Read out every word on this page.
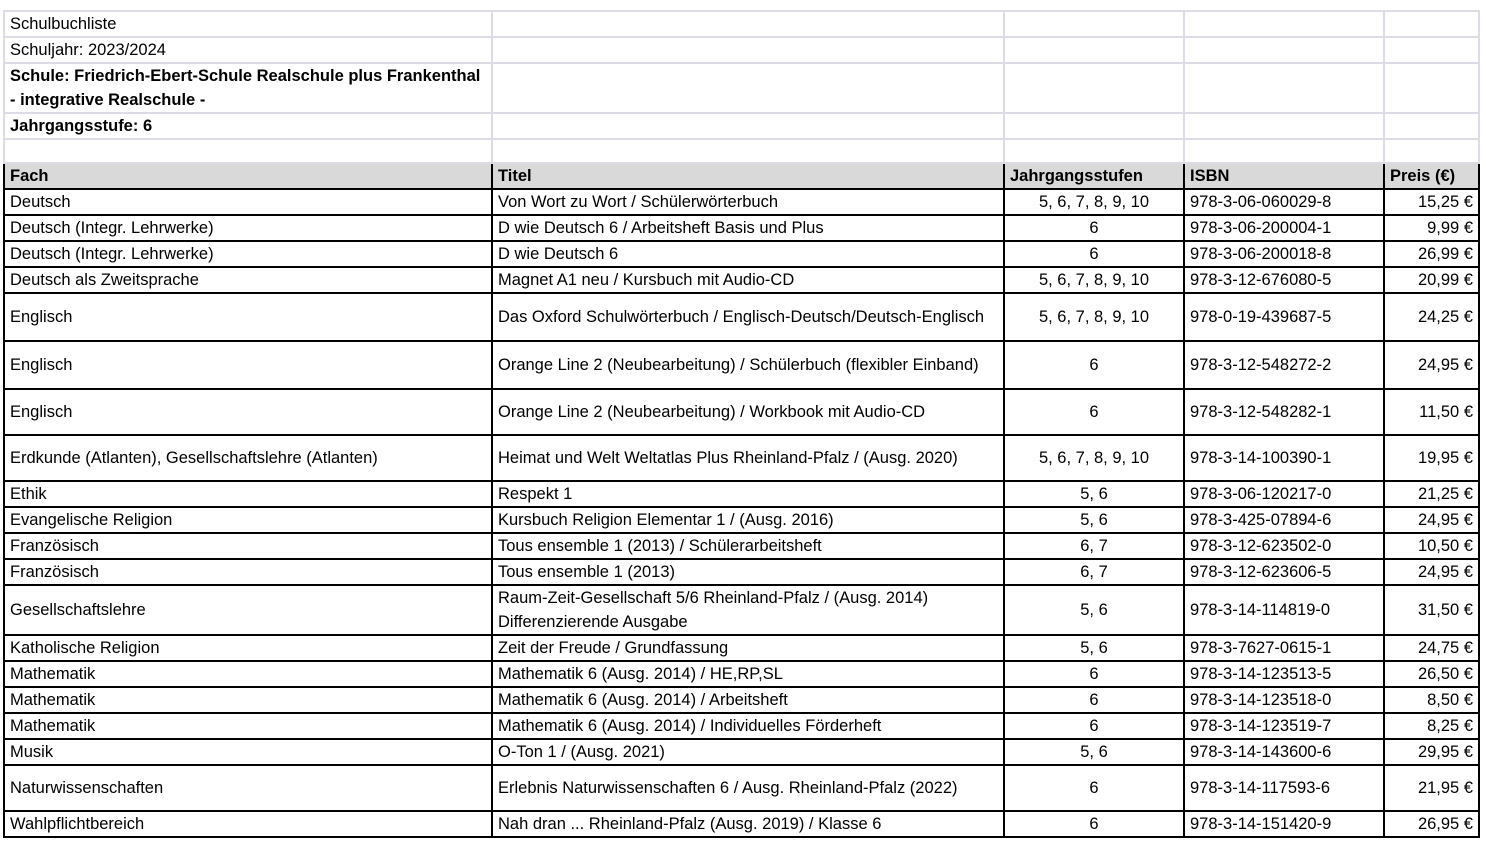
Schulbuchliste				
Schuljahr: 2023/2024				
Schule: Friedrich-Ebert-Schule Realschule plus Frankenthal - integrative Realschule -				
Jahrgangsstufe: 6				

Fach	Titel	Jahrgangsstufen	ISBN	Preis (€)
Deutsch	Von Wort zu Wort / Schülerwörterbuch	5, 6, 7, 8, 9, 10	978-3-06-060029-8	15,25 €
Deutsch (Integr. Lehrwerke)	D wie Deutsch 6 / Arbeitsheft Basis und Plus	6	978-3-06-200004-1	9,99 €
Deutsch (Integr. Lehrwerke)	D wie Deutsch 6	6	978-3-06-200018-8	26,99 €
Deutsch als Zweitsprache	Magnet A1 neu / Kursbuch mit Audio-CD	5, 6, 7, 8, 9, 10	978-3-12-676080-5	20,99 €
Englisch	Das Oxford Schulwörterbuch / Englisch-Deutsch/Deutsch-Englisch	5, 6, 7, 8, 9, 10	978-0-19-439687-5	24,25 €
Englisch	Orange Line 2 (Neubearbeitung) / Schülerbuch (flexibler Einband)	6	978-3-12-548272-2	24,95 €
Englisch	Orange Line 2 (Neubearbeitung) / Workbook mit Audio-CD	6	978-3-12-548282-1	11,50 €
Erdkunde (Atlanten), Gesellschaftslehre (Atlanten)	Heimat und Welt Weltatlas Plus Rheinland-Pfalz / (Ausg. 2020)	5, 6, 7, 8, 9, 10	978-3-14-100390-1	19,95 €
Ethik	Respekt 1	5, 6	978-3-06-120217-0	21,25 €
Evangelische Religion	Kursbuch Religion Elementar 1 / (Ausg. 2016)	5, 6	978-3-425-07894-6	24,95 €
Französisch	Tous ensemble 1 (2013) / Schülerarbeitsheft	6, 7	978-3-12-623502-0	10,50 €
Französisch	Tous ensemble 1 (2013)	6, 7	978-3-12-623606-5	24,95 €
Gesellschaftslehre	Raum-Zeit-Gesellschaft 5/6 Rheinland-Pfalz / (Ausg. 2014) Differenzierende Ausgabe	5, 6	978-3-14-114819-0	31,50 €
Katholische Religion	Zeit der Freude / Grundfassung	5, 6	978-3-7627-0615-1	24,75 €
Mathematik	Mathematik 6 (Ausg. 2014) / HE,RP,SL	6	978-3-14-123513-5	26,50 €
Mathematik	Mathematik 6 (Ausg. 2014) / Arbeitsheft	6	978-3-14-123518-0	8,50 €
Mathematik	Mathematik 6 (Ausg. 2014) / Individuelles Förderheft	6	978-3-14-123519-7	8,25 €
Musik	O-Ton 1 / (Ausg. 2021)	5, 6	978-3-14-143600-6	29,95 €
Naturwissenschaften	Erlebnis Naturwissenschaften 6 / Ausg. Rheinland-Pfalz (2022)	6	978-3-14-117593-6	21,95 €
Wahlpflichtbereich	Nah dran ... Rheinland-Pfalz (Ausg. 2019) / Klasse 6	6	978-3-14-151420-9	26,95 €
